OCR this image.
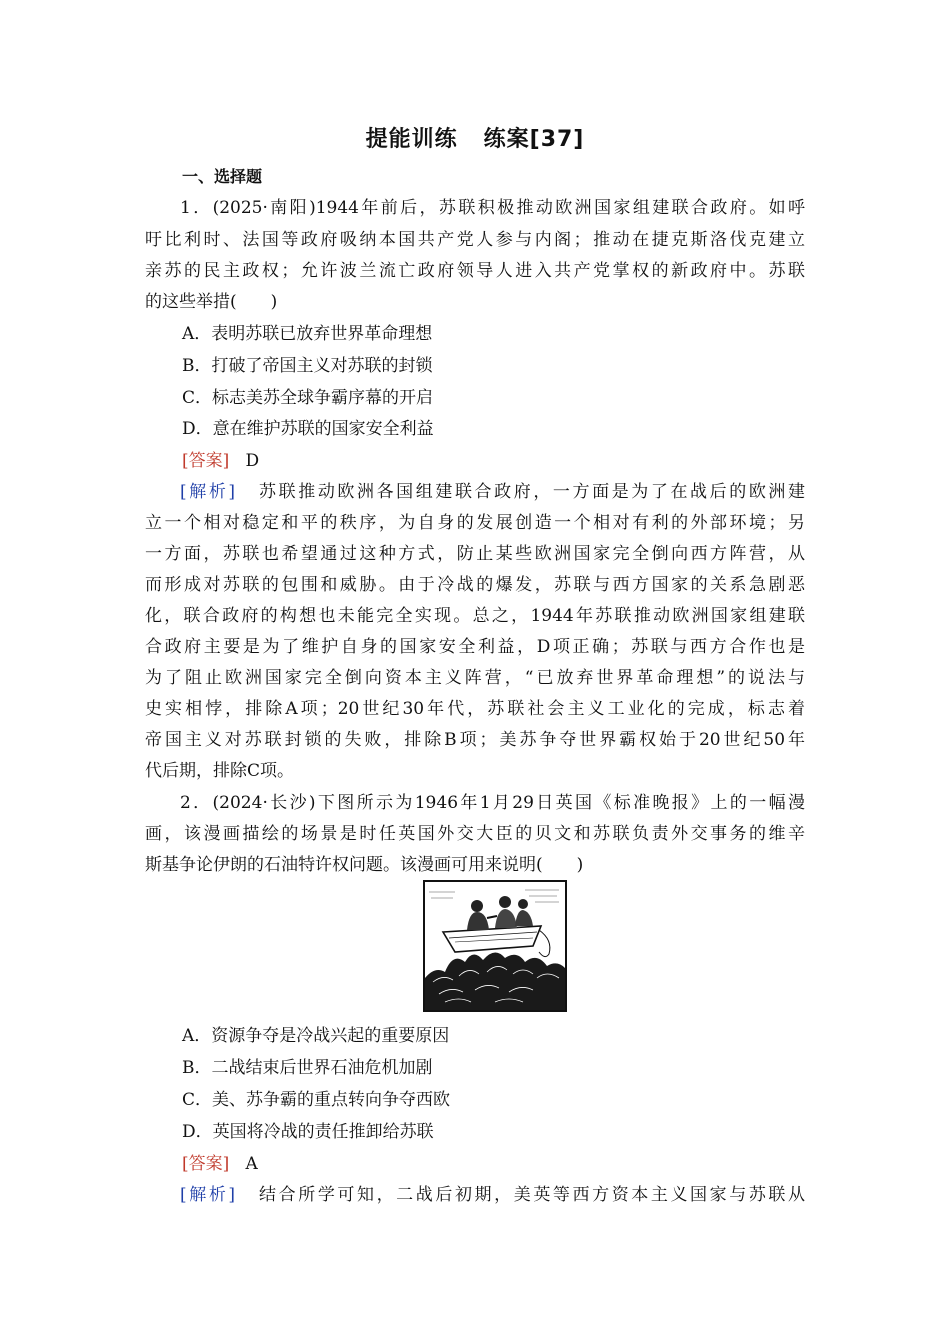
提能训练 练案[37]
一、选择题
1．(2025·南阳)1944年前后，苏联积极推动欧洲国家组建联合政府。如呼
吁比利时、法国等政府吸纳本国共产党人参与内阁；推动在捷克斯洛伐克建立
亲苏的民主政权；允许波兰流亡政府领导人进入共产党掌权的新政府中。苏联
的这些举措(　　)
A．表明苏联已放弃世界革命理想
B．打破了帝国主义对苏联的封锁
C．标志美苏全球争霸序幕的开启
D．意在维护苏联的国家安全利益
[答案] D
[解析] 苏联推动欧洲各国组建联合政府，一方面是为了在战后的欧洲建
立一个相对稳定和平的秩序，为自身的发展创造一个相对有利的外部环境；另
一方面，苏联也希望通过这种方式，防止某些欧洲国家完全倒向西方阵营，从
而形成对苏联的包围和威胁。由于冷战的爆发，苏联与西方国家的关系急剧恶
化，联合政府的构想也未能完全实现。总之，1944年苏联推动欧洲国家组建联
合政府主要是为了维护自身的国家安全利益，D项正确；苏联与西方合作也是
为了阻止欧洲国家完全倒向资本主义阵营，“已放弃世界革命理想”的说法与
史实相悖，排除A项；20世纪30年代，苏联社会主义工业化的完成，标志着
帝国主义对苏联封锁的失败，排除B项；美苏争夺世界霸权始于20世纪50年
代后期，排除C项。
2．(2024·长沙)下图所示为1946年1月29日英国《标准晚报》上的一幅漫
画，该漫画描绘的场景是时任英国外交大臣的贝文和苏联负责外交事务的维辛
斯基争论伊朗的石油特许权问题。该漫画可用来说明(　　)
A．资源争夺是冷战兴起的重要原因
B．二战结束后世界石油危机加剧
C．美、苏争霸的重点转向争夺西欧
D．英国将冷战的责任推卸给苏联
[答案] A
[解析] 结合所学可知，二战后初期，美英等西方资本主义国家与苏联从
